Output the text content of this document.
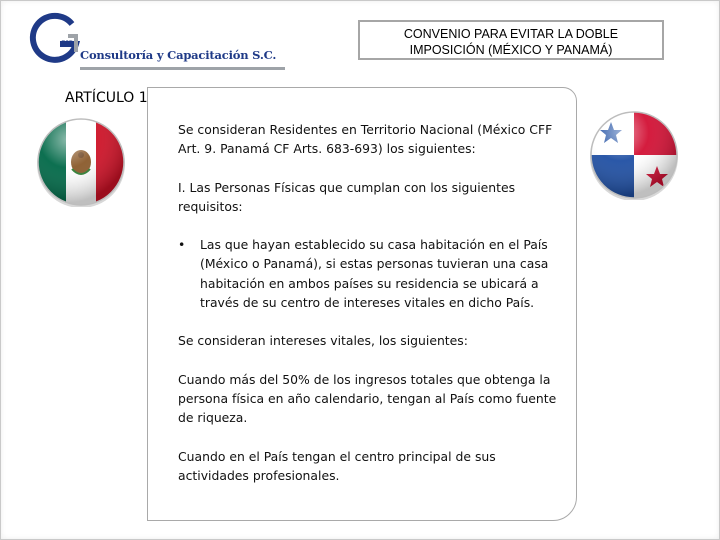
va
Consultoría y Capacitación S.C.
CONVENIO PARA EVITAR LA DOBLE
IMPOSICIÓN (MÉXICO Y PANAMÁ)
ARTÍCULO 1

Se consideran Residentes en Territorio Nacional (México CFF Art. 9. Panamá CF Arts. 683-693) los siguientes:

I. Las Personas Físicas que cumplan con los siguientes requisitos:

• Las que hayan establecido su casa habitación en el País (México o Panamá), si estas personas tuvieran una casa habitación en ambos países su residencia se ubicará a través de su centro de intereses vitales en dicho País.

Se consideran intereses vitales, los siguientes:

Cuando más del 50% de los ingresos totales que obtenga la persona física en año calendario, tengan al País como fuente de riqueza.

Cuando en el País tengan el centro principal de sus actividades profesionales.
